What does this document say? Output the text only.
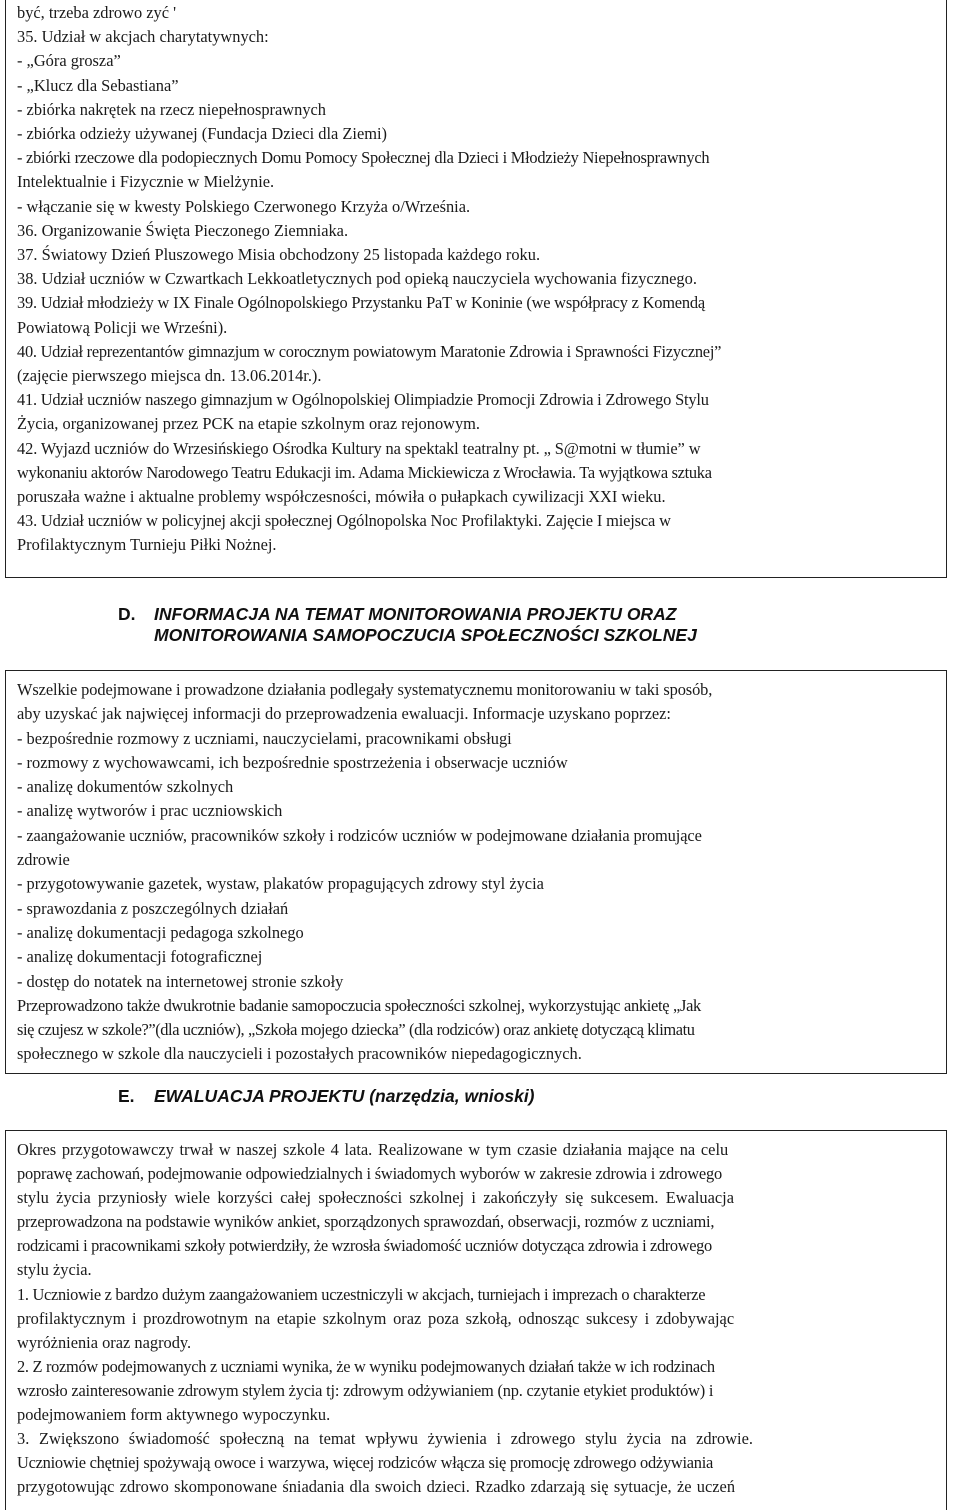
być, trzeba zdrowo zyć '
35. Udział w akcjach charytatywnych:
- „Góra grosza”
- „Klucz dla Sebastiana”
- zbiórka nakrętek na rzecz niepełnosprawnych
- zbiórka odzieży używanej (Fundacja Dzieci dla Ziemi)
- zbiórki rzeczowe dla podopiecznych Domu Pomocy Społecznej dla Dzieci i Młodzieży Niepełnosprawnych
Intelektualnie i Fizycznie w Mielżynie.
- włączanie się w kwesty Polskiego Czerwonego Krzyża o/Września.
36. Organizowanie Święta Pieczonego Ziemniaka.
37. Światowy Dzień Pluszowego Misia obchodzony 25 listopada każdego roku.
38. Udział uczniów w Czwartkach Lekkoatletycznych pod opieką nauczyciela wychowania fizycznego.
39. Udział młodzieży w IX Finale Ogólnopolskiego Przystanku PaT w Koninie (we współpracy z Komendą
Powiatową Policji we Wrześni).
40. Udział reprezentantów gimnazjum w corocznym powiatowym Maratonie Zdrowia i Sprawności Fizycznej”
(zajęcie pierwszego miejsca dn. 13.06.2014r.).
41. Udział uczniów naszego gimnazjum w Ogólnopolskiej Olimpiadzie Promocji Zdrowia i Zdrowego Stylu
Życia, organizowanej przez PCK na etapie szkolnym oraz rejonowym.
42. Wyjazd uczniów do Wrzesińskiego Ośrodka Kultury na spektakl teatralny pt. „ S@motni w tłumie” w
wykonaniu aktorów Narodowego Teatru Edukacji im. Adama Mickiewicza z Wrocławia. Ta wyjątkowa sztuka
poruszała ważne i aktualne problemy współczesności, mówiła o pułapkach cywilizacji XXI wieku.
43. Udział uczniów w policyjnej akcji społecznej Ogólnopolska Noc Profilaktyki. Zajęcie I miejsca w
Profilaktycznym Turnieju Piłki Nożnej.
D. INFORMACJA NA TEMAT MONITOROWANIA PROJEKTU ORAZ
MONITOROWANIA SAMOPOCZUCIA SPOŁECZNOŚCI SZKOLNEJ
Wszelkie podejmowane i prowadzone działania podlegały systematycznemu monitorowaniu w taki sposób,
aby uzyskać jak najwięcej informacji do przeprowadzenia ewaluacji. Informacje uzyskano poprzez:
- bezpośrednie rozmowy z uczniami, nauczycielami, pracownikami obsługi
- rozmowy z wychowawcami, ich bezpośrednie spostrzeżenia i obserwacje uczniów
- analizę dokumentów szkolnych
- analizę wytworów i prac uczniowskich
- zaangażowanie uczniów, pracowników szkoły i rodziców uczniów w podejmowane działania promujące
zdrowie
- przygotowywanie gazetek, wystaw, plakatów propagujących zdrowy styl życia
- sprawozdania z poszczególnych działań
- analizę dokumentacji pedagoga szkolnego
- analizę dokumentacji fotograficznej
- dostęp do notatek na internetowej stronie szkoły
Przeprowadzono także dwukrotnie badanie samopoczucia społeczności szkolnej, wykorzystując ankietę „Jak
się czujesz w szkole?”(dla uczniów), „Szkoła mojego dziecka” (dla rodziców) oraz ankietę dotyczącą klimatu
społecznego w szkole dla nauczycieli i pozostałych pracowników niepedagogicznych.
E. EWALUACJA PROJEKTU (narzędzia, wnioski)
Okres przygotowawczy trwał w naszej szkole 4 lata. Realizowane w tym czasie działania mające na celu
poprawę zachowań, podejmowanie odpowiedzialnych i świadomych wyborów w zakresie zdrowia i zdrowego
stylu życia przyniosły wiele korzyści całej społeczności szkolnej i zakończyły się sukcesem. Ewaluacja
przeprowadzona na podstawie wyników ankiet, sporządzonych sprawozdań, obserwacji, rozmów z uczniami,
rodzicami i pracownikami szkoły potwierdziły, że wzrosła świadomość uczniów dotycząca zdrowia i zdrowego
stylu życia.
1. Uczniowie z bardzo dużym zaangażowaniem uczestniczyli w akcjach, turniejach i imprezach o charakterze
profilaktycznym i prozdrowotnym na etapie szkolnym oraz poza szkołą, odnosząc sukcesy i zdobywając
wyróżnienia oraz nagrody.
2. Z rozmów podejmowanych z uczniami wynika, że w wyniku podejmowanych działań także w ich rodzinach
wzrosło zainteresowanie zdrowym stylem życia tj: zdrowym odżywianiem (np. czytanie etykiet produktów) i
podejmowaniem form aktywnego wypoczynku.
3. Zwiększono świadomość społeczną na temat wpływu żywienia i zdrowego stylu życia na zdrowie.
Uczniowie chętniej spożywają owoce i warzywa, więcej rodziców włącza się promocję zdrowego odżywiania
przygotowując zdrowo skomponowane śniadania dla swoich dzieci. Rzadko zdarzają się sytuacje, że uczeń
